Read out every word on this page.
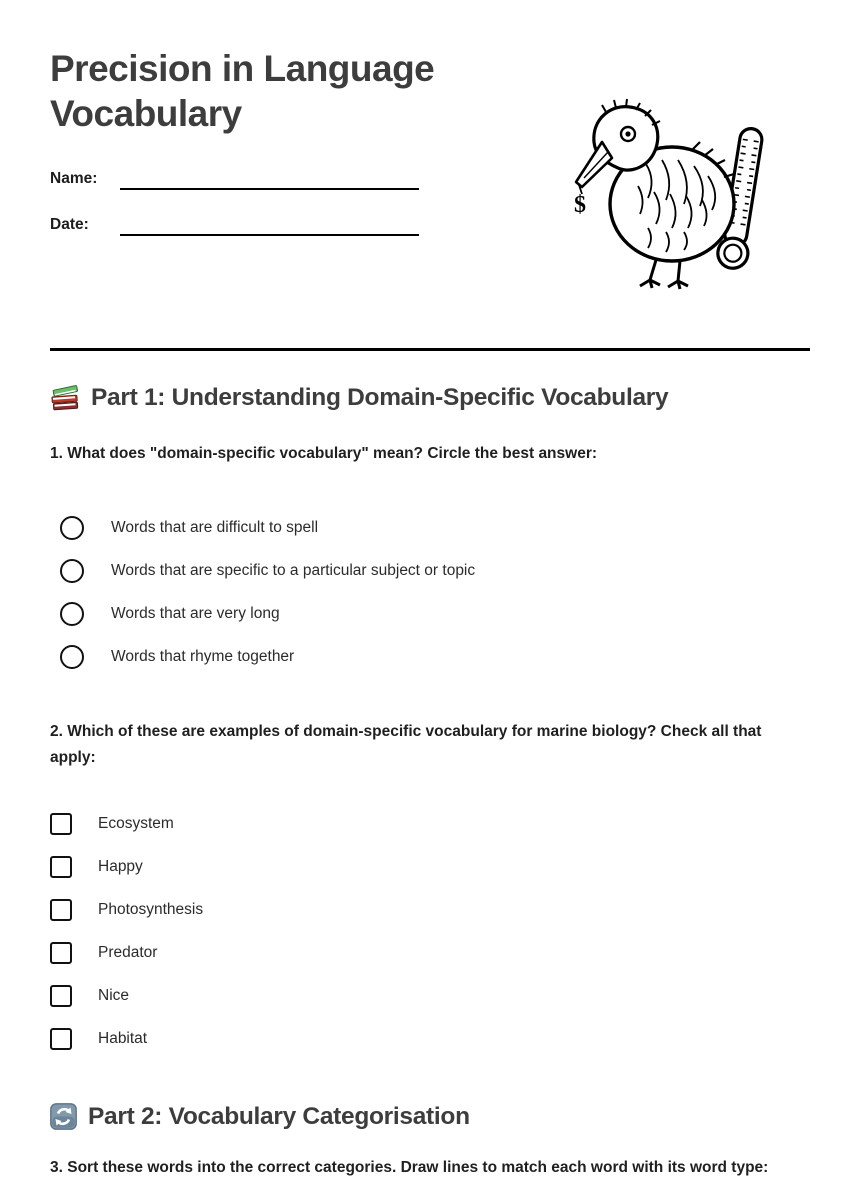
Precision in Language Vocabulary
Name:
Date:
$
Part 1: Understanding Domain-Specific Vocabulary
1. What does "domain-specific vocabulary" mean? Circle the best answer:
Words that are difficult to spell
Words that are specific to a particular subject or topic
Words that are very long
Words that rhyme together
2. Which of these are examples of domain-specific vocabulary for marine biology? Check all that apply:
Ecosystem
Happy
Photosynthesis
Predator
Nice
Habitat
Part 2: Vocabulary Categorisation
3. Sort these words into the correct categories. Draw lines to match each word with its word type:
